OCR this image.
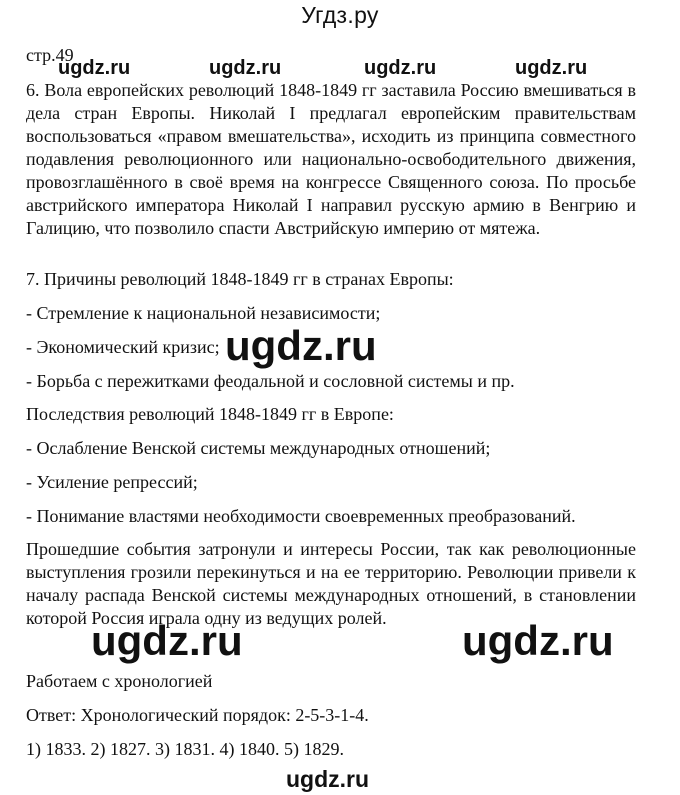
Угдз.ру
стр.49
ugdz.ru	ugdz.ru	ugdz.ru	ugdz.ru

6. Вола европейских революций 1848-1849 гг заставила Россию вмешиваться в дела стран Европы. Николай I предлагал европейским правительствам воспользоваться «правом вмешательства», исходить из принципа совместного подавления революционного или национально-освободительного движения, провозглашённого в своё время на конгрессе Священного союза. По просьбе австрийского императора Николай I направил русскую армию в Венгрию и Галицию, что позволило спасти Австрийскую империю от мятежа.

7. Причины революций 1848-1849 гг в странах Европы:

- Стремление к национальной независимости;

- Экономический кризис; ugdz.ru

- Борьба с пережитками феодальной и сословной системы и пр.

Последствия революций 1848-1849 гг в Европе:

- Ослабление Венской системы международных отношений;

- Усиление репрессий;

- Понимание властями необходимости своевременных преобразований.

Прошедшие события затронули и интересы России, так как революционные выступления грозили перекинуться и на ее территорию. Революции привели к началу распада Венской системы международных отношений, в становлении которой Россия играла одну из ведущих ролей.

ugdz.ru	ugdz.ru

Работаем с хронологией

Ответ: Хронологический порядок: 2-5-3-1-4.

1) 1833. 2) 1827. 3) 1831. 4) 1840. 5) 1829.

ugdz.ru
